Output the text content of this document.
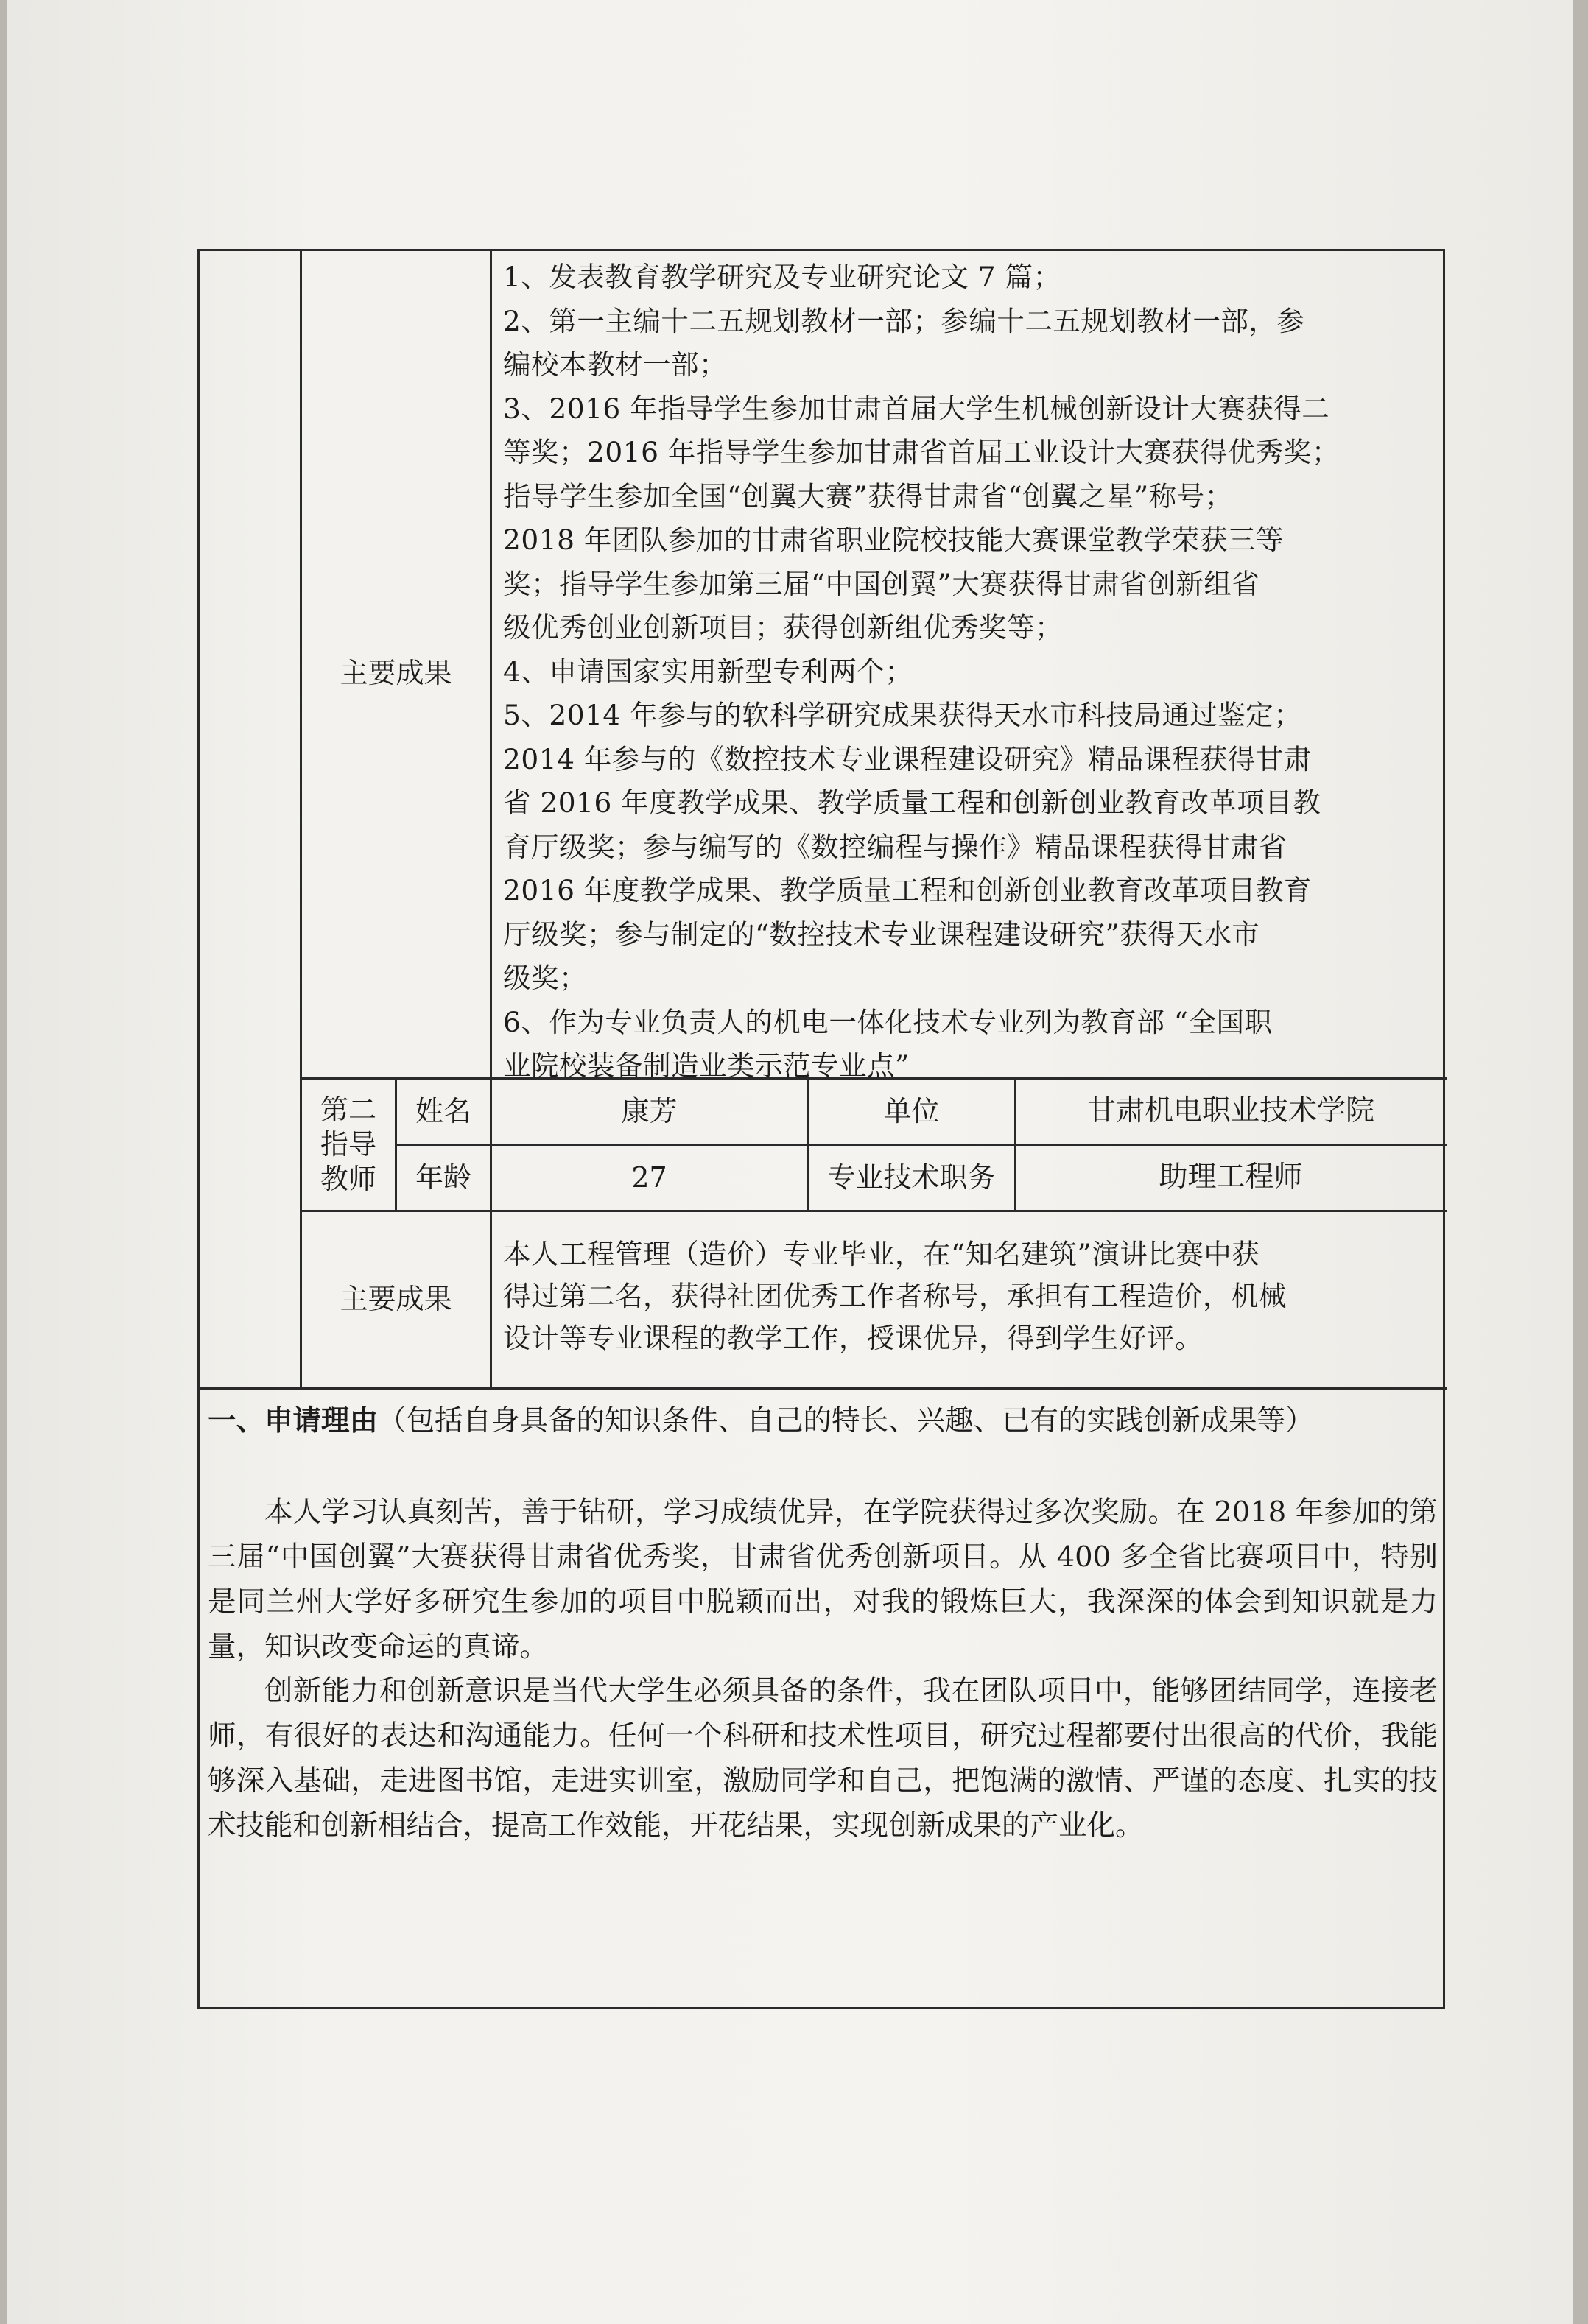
主要成果
1、发表教育教学研究及专业研究论文 7 篇；
2、第一主编十二五规划教材一部；参编十二五规划教材一部，参
编校本教材一部；
3、2016 年指导学生参加甘肃首届大学生机械创新设计大赛获得二
等奖；2016 年指导学生参加甘肃省首届工业设计大赛获得优秀奖；
指导学生参加全国“创翼大赛”获得甘肃省“创翼之星”称号；
2018 年团队参加的甘肃省职业院校技能大赛课堂教学荣获三等
奖；指导学生参加第三届“中国创翼”大赛获得甘肃省创新组省
级优秀创业创新项目；获得创新组优秀奖等；
4、申请国家实用新型专利两个；
5、2014 年参与的软科学研究成果获得天水市科技局通过鉴定；
2014 年参与的《数控技术专业课程建设研究》精品课程获得甘肃
省 2016 年度教学成果、教学质量工程和创新创业教育改革项目教
育厅级奖；参与编写的《数控编程与操作》精品课程获得甘肃省
2016 年度教学成果、教学质量工程和创新创业教育改革项目教育
厅级奖；参与制定的“数控技术专业课程建设研究”获得天水市
级奖；
6、作为专业负责人的机电一体化技术专业列为教育部 “全国职
业院校装备制造业类示范专业点”
第二
指导
教师
姓名	康芳	单位	甘肃机电职业技术学院
年龄	27	专业技术职务	助理工程师
主要成果
本人工程管理（造价）专业毕业，在“知名建筑”演讲比赛中获
得过第二名，获得社团优秀工作者称号，承担有工程造价，机械
设计等专业课程的教学工作，授课优异，得到学生好评。
一、申请理由（包括自身具备的知识条件、自己的特长、兴趣、已有的实践创新成果等）
本人学习认真刻苦，善于钻研，学习成绩优异，在学院获得过多次奖励。在 2018 年参加的第三届“中国创翼”大赛获得甘肃省优秀奖，甘肃省优秀创新项目。从 400 多全省比赛项目中，特别是同兰州大学好多研究生参加的项目中脱颖而出，对我的锻炼巨大，我深深的体会到知识就是力量，知识改变命运的真谛。
创新能力和创新意识是当代大学生必须具备的条件，我在团队项目中，能够团结同学，连接老师，有很好的表达和沟通能力。任何一个科研和技术性项目，研究过程都要付出很高的代价，我能够深入基础，走进图书馆，走进实训室，激励同学和自己，把饱满的激情、严谨的态度、扎实的技术技能和创新相结合，提高工作效能，开花结果，实现创新成果的产业化。
